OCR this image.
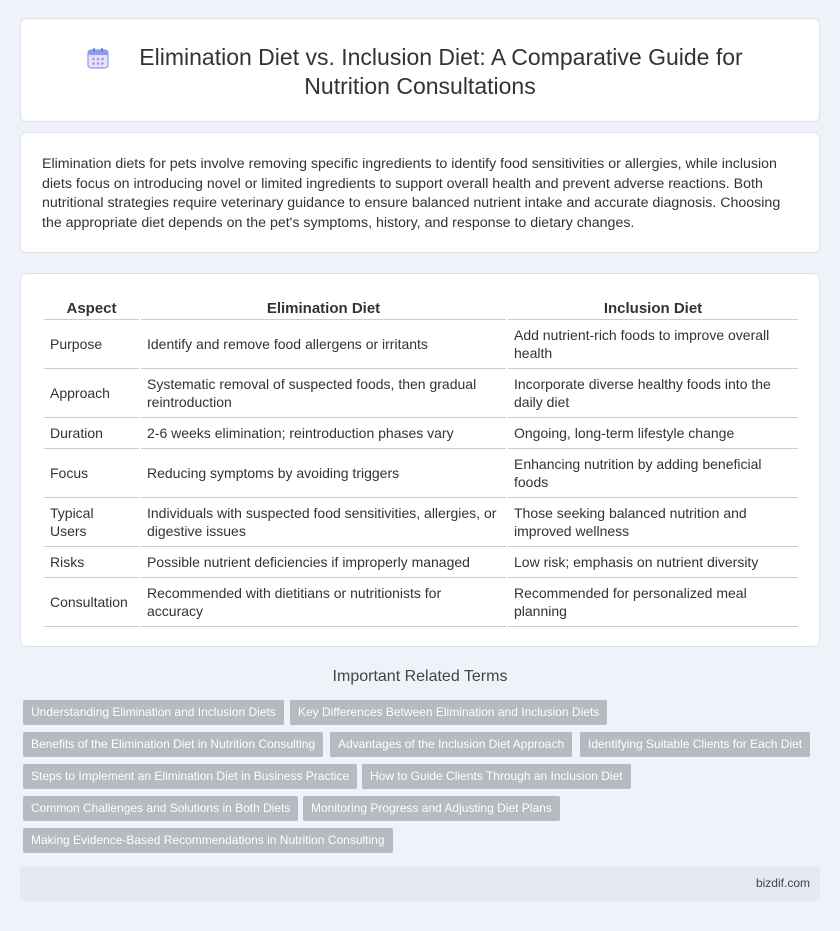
Elimination Diet vs. Inclusion Diet: A Comparative Guide for
Nutrition Consultations

Elimination diets for pets involve removing specific ingredients to identify food sensitivities or allergies, while inclusion diets focus on introducing novel or limited ingredients to support overall health and prevent adverse reactions. Both nutritional strategies require veterinary guidance to ensure balanced nutrient intake and accurate diagnosis. Choosing the appropriate diet depends on the pet's symptoms, history, and response to dietary changes.

Aspect	Elimination Diet	Inclusion Diet
Purpose	Identify and remove food allergens or irritants	Add nutrient-rich foods to improve overall health
Approach	Systematic removal of suspected foods, then gradual reintroduction	Incorporate diverse healthy foods into the daily diet
Duration	2-6 weeks elimination; reintroduction phases vary	Ongoing, long-term lifestyle change
Focus	Reducing symptoms by avoiding triggers	Enhancing nutrition by adding beneficial foods
Typical Users	Individuals with suspected food sensitivities, allergies, or digestive issues	Those seeking balanced nutrition and improved wellness
Risks	Possible nutrient deficiencies if improperly managed	Low risk; emphasis on nutrient diversity
Consultation	Recommended with dietitians or nutritionists for accuracy	Recommended for personalized meal planning
Important Related Terms
Understanding Elimination and Inclusion Diets	Key Differences Between Elimination and Inclusion Diets
Benefits of the Elimination Diet in Nutrition Consulting	Advantages of the Inclusion Diet Approach	Identifying Suitable Clients for Each Diet
Steps to Implement an Elimination Diet in Business Practice	How to Guide Clients Through an Inclusion Diet
Common Challenges and Solutions in Both Diets	Monitoring Progress and Adjusting Diet Plans
Making Evidence-Based Recommendations in Nutrition Consulting
bizdif.com
